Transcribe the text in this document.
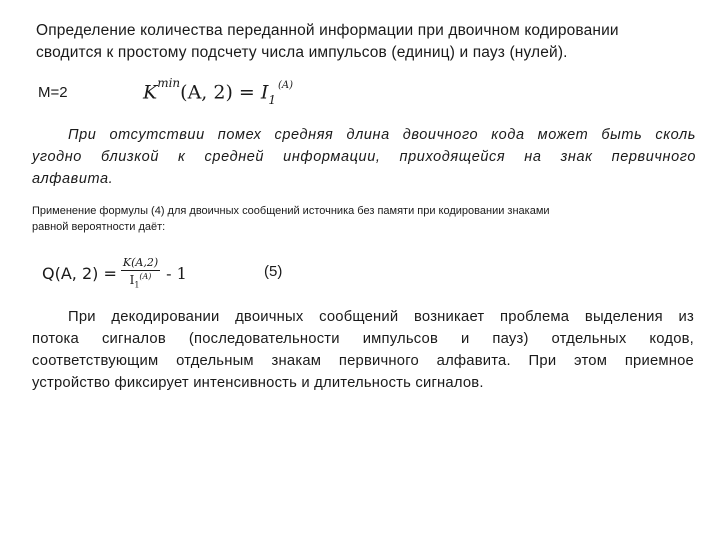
Определение количества переданной информации при двоичном кодировании
сводится к простому подсчету числа импульсов (единиц) и пауз (нулей).
M=2	$K^{min}(A$, $2) = I_1^{(A)}$
При отсутствии помех средняя длина двоичного кода может быть сколь
угодно близкой к средней информации, приходящейся на знак первичного
алфавита.
Применение формулы (4) для двоичных сообщений источника без памяти при кодировании знаками
равной вероятности даёт:
Q(A, $2) = \frac{K(A,2)}{I_1^{(A)}} - 1$	(5)
При декодировании двоичных сообщений возникает проблема выделения из
потока сигналов (последовательности импульсов и пауз) отдельных кодов,
соответствующим отдельным знакам первичного алфавита. При этом приемное
устройство фиксирует интенсивность и длительность сигналов.
